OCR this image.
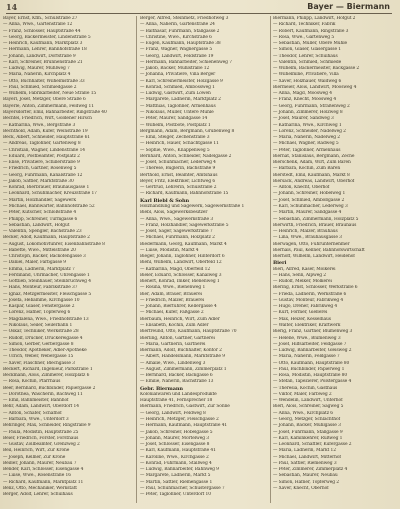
14	Bayer — Biermann
Bayer, Ernst, Kfm., Schulstraße 27
— Anna, Wwe., Gartenstraße 12
— Franz, Schlosser, Hauptstraße 44
— Georg, Bäckermeister, Lindenstraße 5
— Heinrich, Kaufmann, Marktplatz 3
— Hermann, Lehrer, Bahnhofstraße 18
— Johann, Landwirt, Dorfstraße 9
— Karl, Schreiner, Brunnenstraße 21
— Ludwig, Maurer, Mühlweg 7
— Maria, Näherin, Kirchplatz 4
— Otto, Buchhalter, Wilhelmstraße 33
— Paul, Schmied, Schmiedgasse 2
— Wilhelm, Fabrikarbeiter, Neue Straße 15
Bayerl, Josef, Metzger, Obere Straße 6
Bayerle, Anton, Zimmermann, Feldweg 11
Bayersdörfer, Emil, Bahnarbeiter, Ringstraße 40
Bechtel, Friedrich, Wirt, Goldener Hirsch
— Katharina, Wwe., Bergstraße 3
Bechthold, Adam, Küfer, Weinstraße 19
Beck, Albert, Schneider, Hauptstraße 61
— Andreas, Taglöhner, Gartenweg 8
— Christian, Wagner, Lindenstraße 14
— Eduard, Postbeamter, Postplatz 2
— Elise, Privatiere, Schillerstraße 9
— Friedrich, Gärtner, Rosenweg 5
— Georg, Fuhrmann, Kanalstraße 12
— Jakob, Sattler, Marktstraße 30
— Konrad, Bierbrauer, Brauhausgasse 1
— Leonhard, Schuhmacher, Kreuzstraße 17
— Martin, Holzhändler, Sägewerk
— Michael, Bahnwärter, Bahnhofstraße 52
— Peter, Kutscher, Schloßstraße 4
— Philipp, Schreiner, Turmgasse 6
— Sebastian, Landwirt, Hofgut
— Valentin, Spengler, Bachstraße 23
Becker, Adolf, Kaufmann, Hauptstraße 2
— August, Lokomotivführer, Eisenbahnstraße 8
— Babette, Wwe., Mittelstraße 20
— Christoph, Bäcker, Backofengasse 3
— Daniel, Maler, Farbgasse 9
— Emma, Ladnerin, Marktplatz 7
— Ferdinand, Uhrmacher, Uhrengasse 1
— Gottlieb, Steinhauer, Steinbruchweg 4
— Hans, Monteur, Fabrikstraße 37
— Ignaz, Metzgermeister, Fleischgasse 5
— Josefa, Hebamme, Kirchgasse 10
— Kaspar, Glaser, Fenstergasse 2
— Lorenz, Hafner, Töpferweg 6
— Magdalena, Wwe., Friedhofstraße 13
— Nikolaus, Seiler, Seilerbahn 1
— Oskar, Techniker, Werkstraße 28
— Rudolf, Drucker, Druckereigasse 4
— Simon, Gerber, Gerbergasse 8
— Theodor, Apotheker, Adler-Apotheke
— Ulrich, Weber, Webergasse 15
— Xaver, Flaschner, Blechgasse 3
Beckert, Richard, Ingenieur, Parkstraße 1
Beckmann, Alois, Zimmerer, Holzplatz 6
— Rosa, Köchin, Pfarrhaus
Beer, Bernhard, Buchbinder, Papiergasse 2
— Dorothea, Wäscherin, Bachweg 11
— Emil, Bahnmeister, Bahnhof
Behr, Adam, Landwirt, Oberdorf 14
— Anton, Schäfer, Schafhof
— Barbara, Wwe., Unterdorf 3
Behringer, Max, Schneider, Ringstraße 9
— Paula, Modistin, Hauptstraße 25
Beier, Friedrich, Förster, Forsthaus
— Gustav, Zollbeamter, Grenzweg 2
Beil, Heinrich, Wirt, Zur Krone
— Joseph, Kellner, Zur Krone
Beißer, Johann, Maurer, Neubau 7
Bender, Karl, Schlosser, Eisengasse 4
— Luise, Wwe., Rosenstraße 16
— Richard, Kaufmann, Marktplatz 11
Benz, Otto, Mechaniker, Werkstatt
Berger, Adolf, Lehrer, Schulhaus
Berger, Alfred, Steinmetz, Friedhofweg 3
— Anna, Näherin, Gartenstraße 24
— Balthasar, Fuhrmann, Stallgasse 2
— Christine, Wwe., Kirchstraße 6
— Eugen, Kaufmann, Hauptstraße 38
— Franz, Wagner, Wagnergasse 5
— Georg, Landwirt, Feldstraße 19
— Hermann, Bahnarbeiter, Schienenweg 7
— Jakob, Bäcker, Mühlstraße 12
— Johanna, Privatiere, Villa Berger
— Karl, Schreinermeister, Holzgasse 9
— Konrad, Schmied, Ambossweg 1
— Ludwig, Gastwirt, Zum Löwen
— Margarete, Ladnerin, Marktplatz 2
— Matthias, Taglöhner, Armenhaus
— Nikolaus, Müller, Untere Mühle
— Peter, Maurer, Sandgasse 14
— Wilhelm, Postbote, Postplatz 1
Bergmann, Adam, Bergmann, Grubenweg 8
— Emil, Steiger, Zechenstraße 3
— Heinrich, Hauer, Schachtgasse 11
— Sophie, Wwe., Knappenweg 5
Bernhard, Anton, Schneider, Nadelgasse 2
— Josef, Schuhmacher, Lederweg 4
— Therese, Büglerin, Bachstraße 9
Berthold, Ernst, Beamter, Amtshaus
Beyer, Fritz, Elektriker, Lichtweg 6
— Gertrud, Lehrerin, Schulstraße 2
— Richard, Kaufmann, Bahnhofstraße 15
Karl Biebl & Sohn
Holzhandlung und Sägewerk, Sägewerkstraße 1
Biebl, Alois, Sägewerksbesitzer
— Anna, Wwe., Sägewerkstraße 3
— Franz, Holzhändler, Sägewerkstraße 5
— Josef, Säger, Sägewerkstraße 7
— Michael, Fuhrmann, Holzplatz 2
Biedermann, Georg, Kaufmann, Markt 4
— Luise, Modistin, Markt 4
Bieger, Johann, Taglöhner, Hinterdorf 6
Biehl, Wilhelm, Landwirt, Oberfeld 12
— Katharina, Magd, Oberfeld 12
Bieler, Eduard, Schlosser, Kanalweg 3
Bienert, Konrad, Imker, Bienenweg 1
— Rosina, Wwe., Bienenweg 1
Bier, Adam, Brauer, Brauerei
— Friedrich, Mälzer, Brauerei
— Johann, Bierführer, Kellergasse 4
— Michael, Küfer, Faßgasse 2
Bierbaum, Heinrich, Wirt, Zum Adler
— Elisabeth, Köchin, Zum Adler
Bierfreund, Otto, Kaufmann, Hauptstraße 70
Bierling, Anton, Gärtner, Gärtnerei
— Maria, Gärtnerin, Gärtnerei
Biermann, Adolf, Buchhalter, Kontor 2
— Albert, Handelsmann, Marktstraße 9
— Amalie, Wwe., Lindenweg 3
— August, Zimmermann, Zimmerplatz 1
— Bernhard, Bäcker, Backgasse 6
— Emilie, Näherin, Bachstraße 13
Gebr. Biermann
Kolonialwaren und Landesprodukte
Hauptstraße 41, Fernsprecher 18
Biermann, Friedrich, Gastwirt, Zur Sonne
— Georg, Landwirt, Feldweg 8
— Heinrich, Metzger, Fleischgasse 2
— Hermann, Kaufmann, Hauptstraße 41
— Jakob, Schreiner, Hobelgasse 5
— Johann, Maurer, Mörtelweg 3
— Josef, Schlosser, Eisengasse 8
— Karl, Kaufmann, Hauptstraße 41
— Karoline, Wwe., Kirchgasse 2
— Konrad, Fuhrmann, Stallweg 4
— Ludwig, Bahnarbeiter, Bahnweg 9
— Margarete, Ladnerin, Markt 5
— Martin, Sattler, Riemengasse 1
— Paul, Schuhmacher, Schustergasse 7
— Peter, Taglöhner, Unterdorf 10
Biermann, Philipp, Landwirt, Hofgut 2
— Richard, Techniker, Fabrik
— Robert, Kaufmann, Ringstraße 3
— Rosa, Wwe., Gartenweg 5
— Sebastian, Müller, Obere Mühle
— Simon, Glaser, Glasergasse 1
— Theodor, Lehrer, Schulhaus
— Valentin, Schmied, Schmiede
— Wilhelm, Bäckermeister, Backgasse 2
— Wilhelmine, Privatiere, Villa
— Xaver, Holzhauer, Waldweg 6
Biermeier, Alois, Landwirt, Moosweg 4
— Anna, Magd, Moosweg 4
— Franz, Knecht, Moosweg 4
— Georg, Fuhrmann, Straßenweg 2
— Johann, Zimmerer, Holzweg 8
— Josef, Maurer, Sandweg 3
— Katharina, Wwe., Kirchweg 1
— Lorenz, Schneider, Nadelweg 2
— Maria, Näherin, Nadelweg 2
— Michael, Wagner, Radweg 5
— Peter, Taglöhner, Armenhaus
Biernat, Stanislaus, Bergmann, Zeche
Bierschenk, Adam, Wirt, Zum Bären
— Barbara, Köchin, Zum Bären
Bierstedt, Emil, Kaufmann, Markt 8
Biersack, Andreas, Landwirt, Oberhof
— Anton, Knecht, Oberhof
— Johann, Schreiner, Hobelweg 1
— Josef, Schmied, Amboßgasse 2
— Karl, Schuhmacher, Lederweg 3
— Martin, Maurer, Sandgasse 4
— Sebastian, Zimmermann, Holzplatz 5
Bierwirth, Friedrich, Brauer, Brauhaus
— Heinrich, Mälzer, Brauhaus
— Lina, Wwe., Brauhausgasse 3
Bierwagen, Otto, Fuhrunternehmer
Bierhals, Paul, Kellner, Bahnhofswirtschaft
Bierhoff, Wilhelm, Landwirt, Heidehof
Bieri
Bieri, Alfred, Käser, Molkerei
— Hans, Senn, Alpweg 2
— Rudolf, Melker, Molkerei
Biering, Ernst, Schlosser, Werkstraße 6
— Frieda, Ladnerin, Werkstraße 6
— Gustav, Monteur, Fabrikweg 4
— Hugo, Dreher, Fabrikweg 4
— Kurt, Former, Gießerei
— Max, Heizer, Kesselhaus
— Walter, Elektriker, Kraftwerk
Bierig, Franz, Gärtner, Blumenweg 3
— Helene, Wwe., Blumenweg 3
— Josef, Hilfsarbeiter, Feldgasse 7
— Ludwig, Bahnarbeiter, Gleisweg 2
— Maria, Näherin, Feldgasse 7
— Otto, Kaufmann, Hauptstraße 80
— Paul, Buchbinder, Papierweg 1
— Rosa, Modistin, Hauptstraße 80
— Stefan, Tapezierer, Polstergasse 4
— Theresia, Köchin, Gasthaus
— Viktor, Maler, Farbweg 2
— Wendelin, Landwirt, Unterhof
Bierl, Alois, Schreiner, Sägweg 5
— Anna, Wwe., Kirchplatz 6
— Georg, Metzger, Schlachthof
— Johann, Bäcker, Mühlgasse 3
— Josef, Fuhrmann, Stallgasse 9
— Karl, Kaminkehrer, Rußweg 1
— Leonhard, Schäffler, Küfergasse 2
— Maria, Ladnerin, Markt 12
— Michael, Landwirt, Mitterhof
— Paul, Sattler, Riemenweg 3
— Peter, Zimmerer, Zimmerplatz 4
— Sebastian, Maurer, Neubau
— Simon, Hafner, Töpferweg 2
— Xaver, Knecht, Oberhof
